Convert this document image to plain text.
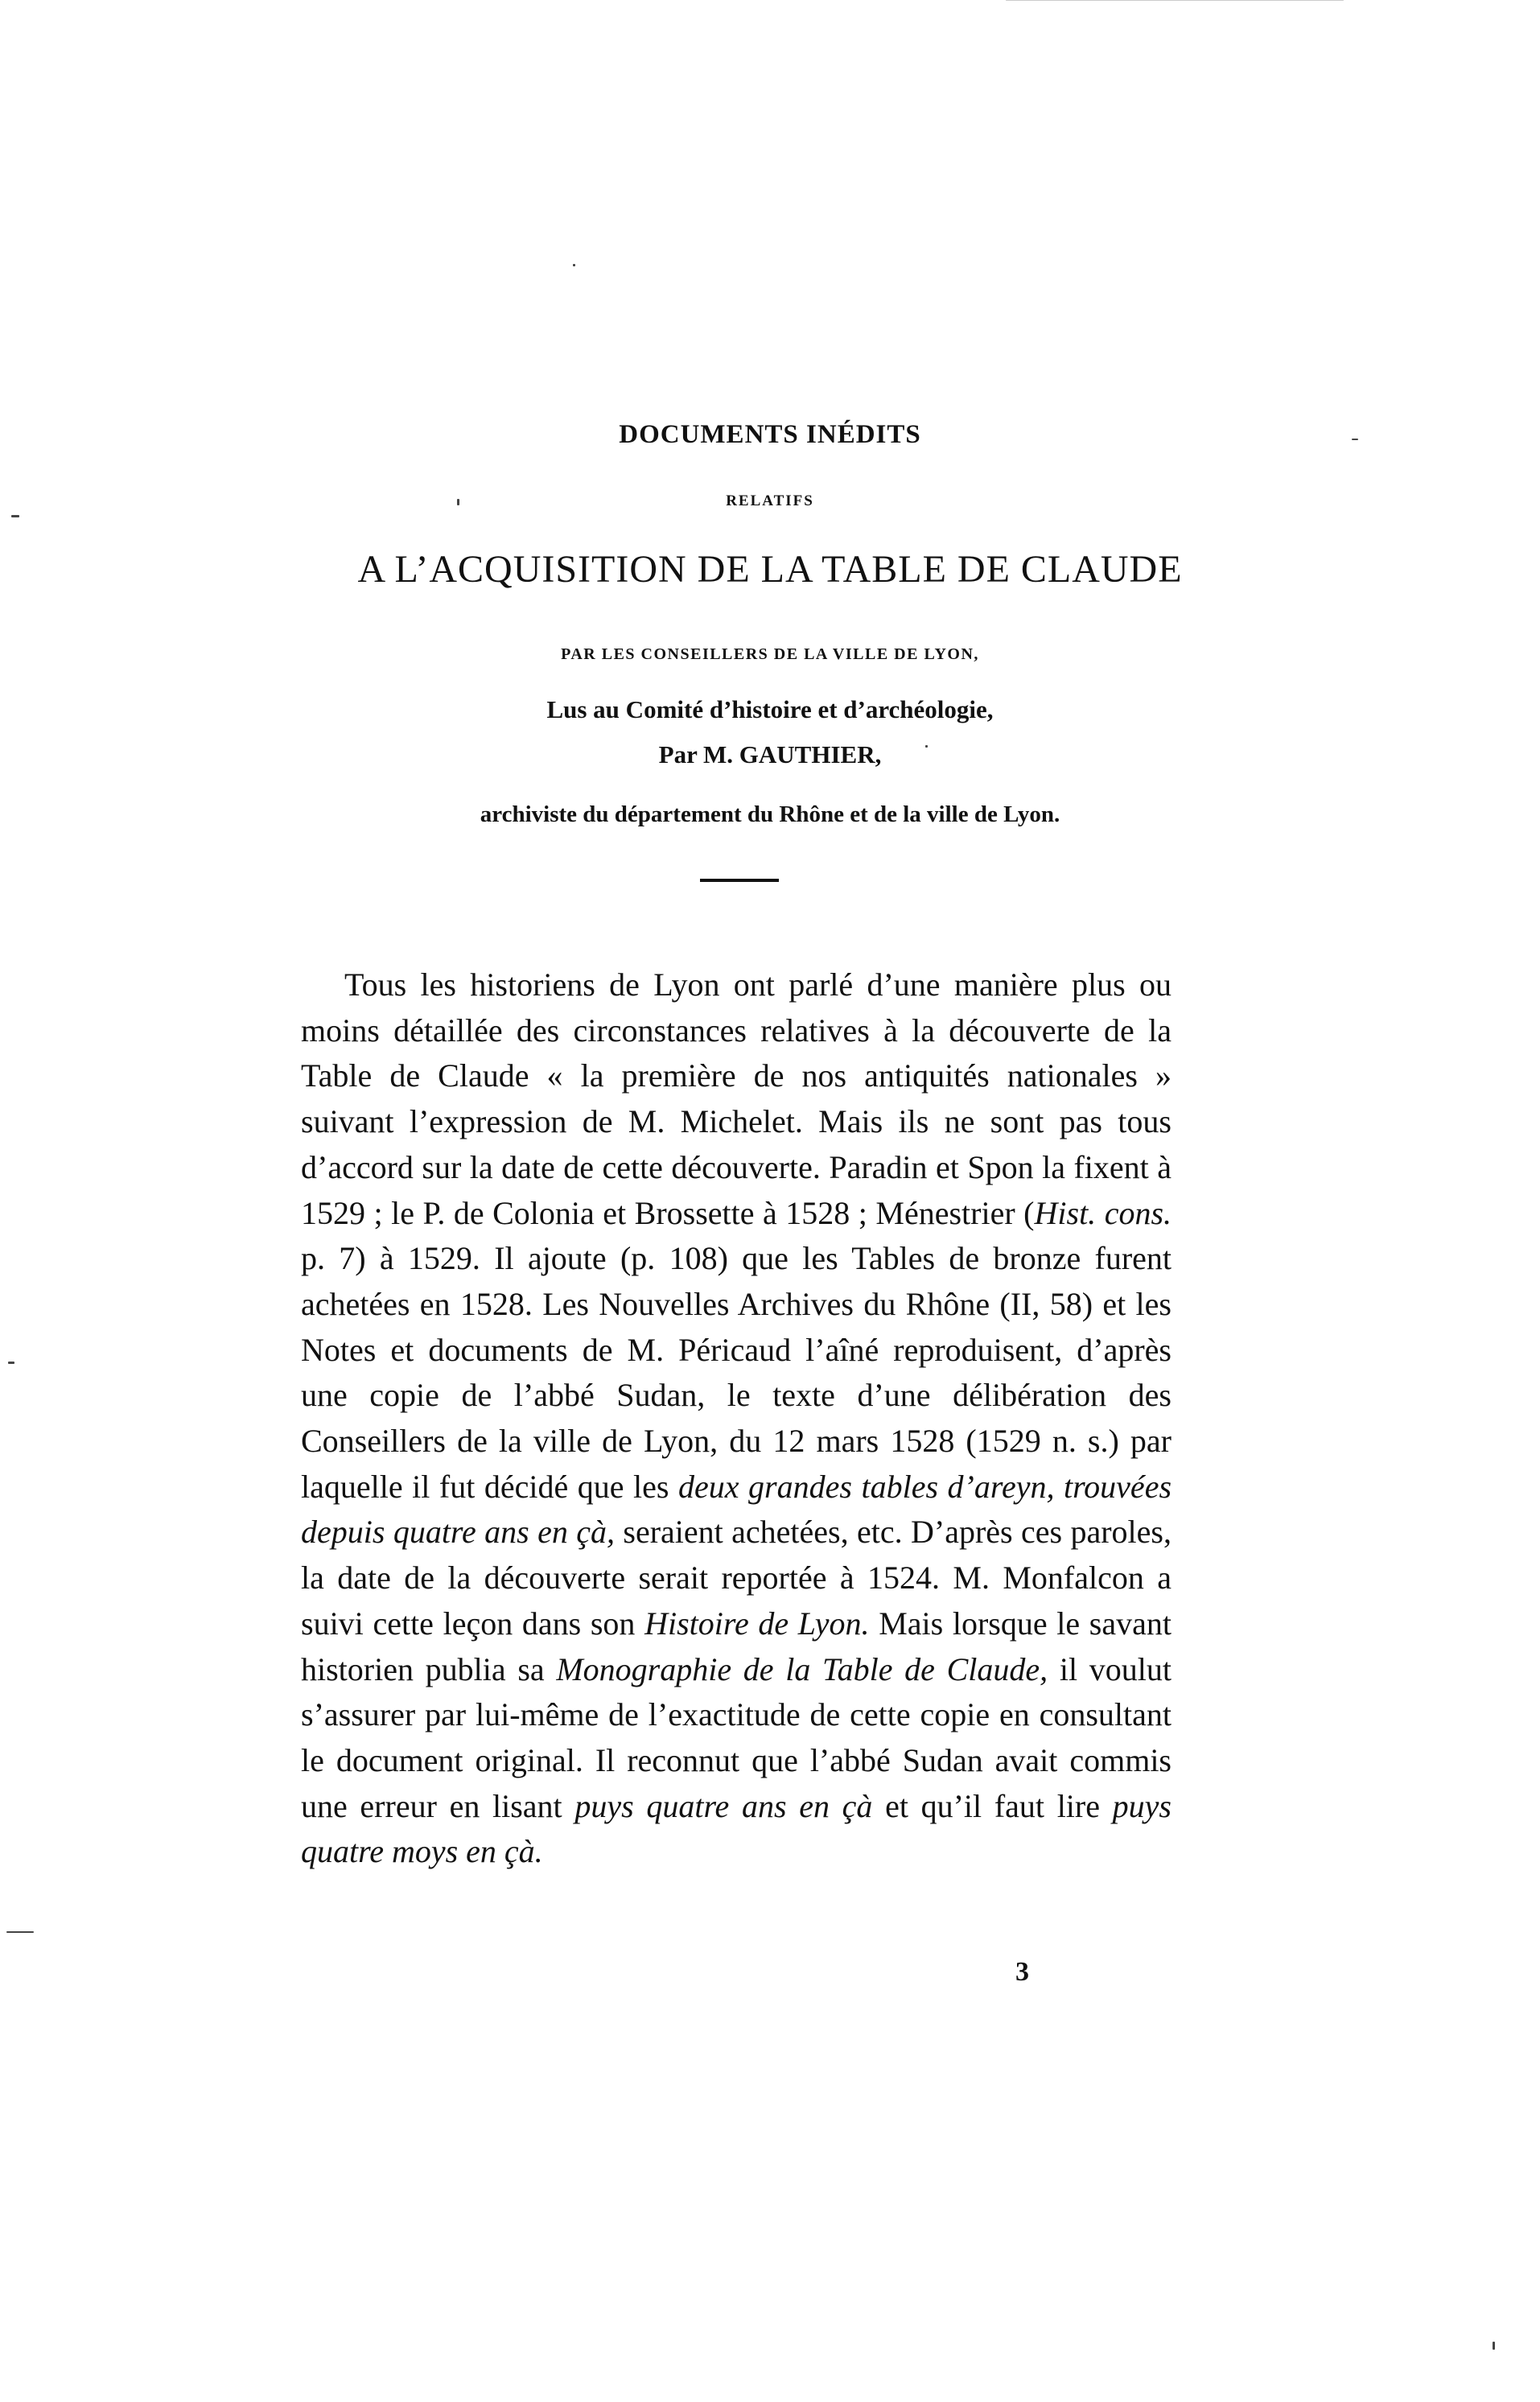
DOCUMENTS INÉDITS
RELATIFS
A L’ACQUISITION DE LA TABLE DE CLAUDE
PAR LES CONSEILLERS DE LA VILLE DE LYON,
Lus au Comité d’histoire et d’archéologie,
Par M. GAUTHIER,
archiviste du département du Rhône et de la ville de Lyon.

Tous les historiens de Lyon ont parlé d’une manière plus ou moins détaillée des circonstances relatives à la découverte de la Table de Claude « la première de nos antiquités nationales » suivant l’expression de M. Michelet. Mais ils ne sont pas tous d’accord sur la date de cette découverte. Paradin et Spon la fixent à 1529 ; le P. de Colonia et Brossette à 1528 ; Ménestrier (Hist. cons. p. 7) à 1529. Il ajoute (p. 108) que les Tables de bronze furent achetées en 1528. Les Nouvelles Archives du Rhône (II, 58) et les Notes et documents de M. Péricaud l’aîné reproduisent, d’après une copie de l’abbé Sudan, le texte d’une délibération des Conseillers de la ville de Lyon, du 12 mars 1528 (1529 n. s.) par laquelle il fut décidé que les deux grandes tables d’areyn, trouvées depuis quatre ans en çà, seraient achetées, etc. D’après ces paroles, la date de la découverte serait reportée à 1524. M. Monfalcon a suivi cette leçon dans son Histoire de Lyon. Mais lorsque le savant historien publia sa Monographie de la Table de Claude, il voulut s’assurer par lui-même de l’exactitude de cette copie en consultant le document original. Il reconnut que l’abbé Sudan avait commis une erreur en lisant puys quatre ans en çà et qu’il faut lire puys quatre moys en çà.

3
